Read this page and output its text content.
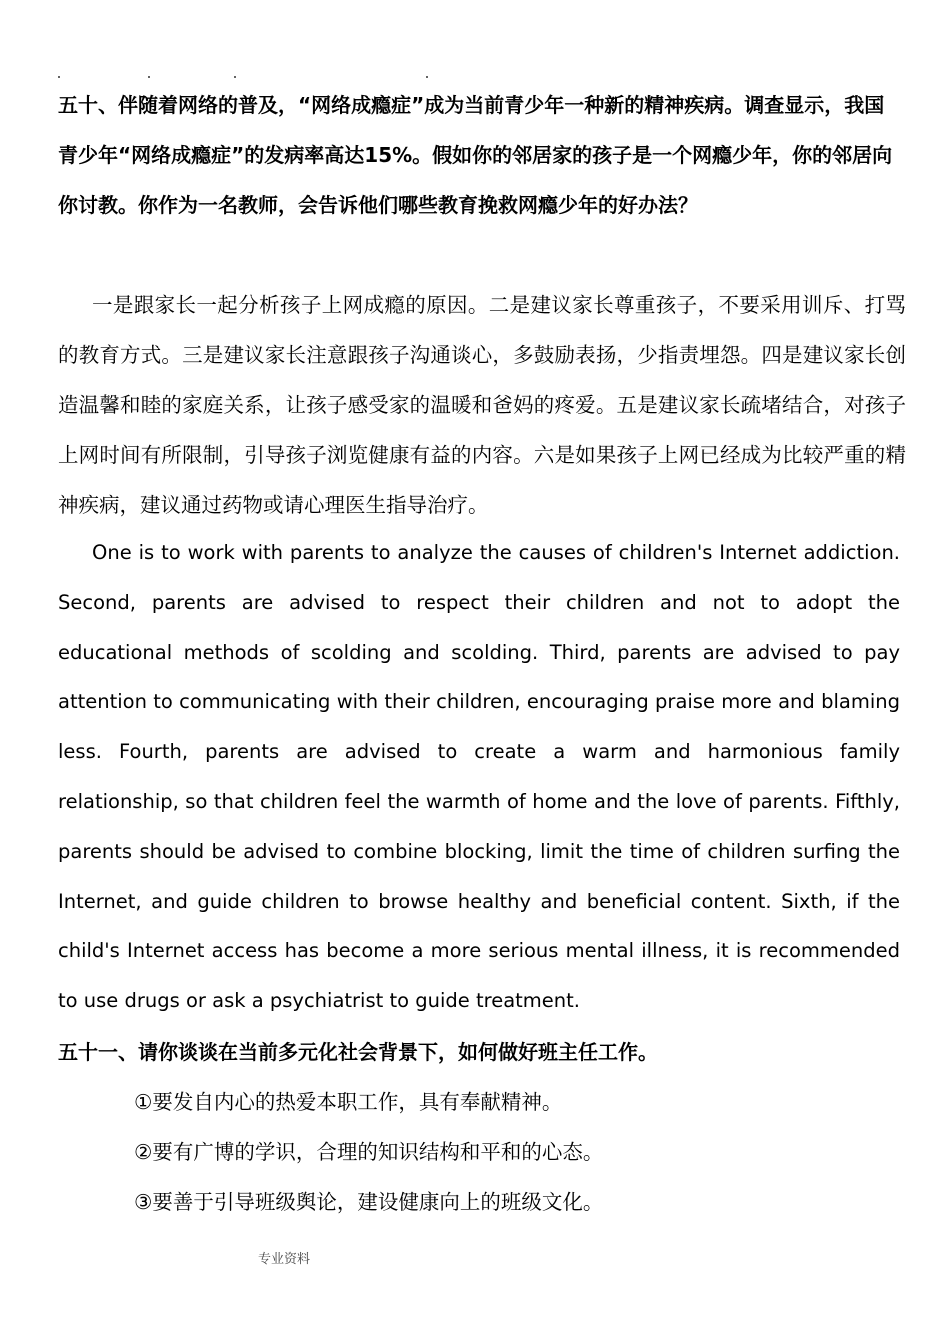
五十、伴随着网络的普及，“网络成瘾症”成为当前青少年一种新的精神疾病。调查显示，我国青少年“网络成瘾症”的发病率高达15%。假如你的邻居家的孩子是一个网瘾少年，你的邻居向你讨教。你作为一名教师，会告诉他们哪些教育挽救网瘾少年的好办法？

一是跟家长一起分析孩子上网成瘾的原因。二是建议家长尊重孩子，不要采用训斥、打骂的教育方式。三是建议家长注意跟孩子沟通谈心，多鼓励表扬，少指责埋怨。四是建议家长创造温馨和睦的家庭关系，让孩子感受家的温暖和爸妈的疼爱。五是建议家长疏堵结合，对孩子上网时间有所限制，引导孩子浏览健康有益的内容。六是如果孩子上网已经成为比较严重的精神疾病，建议通过药物或请心理医生指导治疗。

One is to work with parents to analyze the causes of children's Internet addiction. Second, parents are advised to respect their children and not to adopt the educational methods of scolding and scolding. Third, parents are advised to pay attention to communicating with their children, encouraging praise more and blaming less. Fourth, parents are advised to create a warm and harmonious family relationship, so that children feel the warmth of home and the love of parents. Fifthly, parents should be advised to combine blocking, limit the time of children surfing the Internet, and guide children to browse healthy and beneficial content. Sixth, if the child's Internet access has become a more serious mental illness, it is recommended to use drugs or ask a psychiatrist to guide treatment.

五十一、请你谈谈在当前多元化社会背景下，如何做好班主任工作。

①要发自内心的热爱本职工作，具有奉献精神。
②要有广博的学识，合理的知识结构和平和的心态。
③要善于引导班级舆论，建设健康向上的班级文化。
专业资料
